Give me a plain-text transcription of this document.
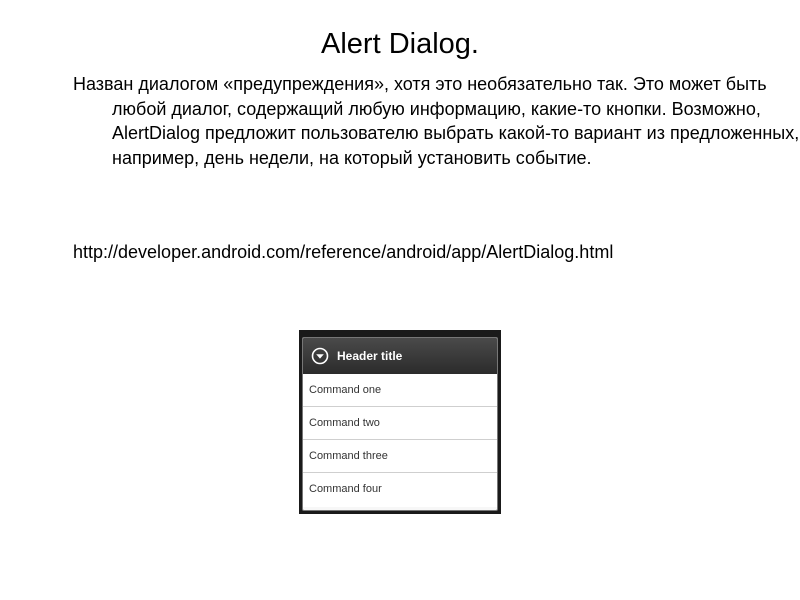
Alert Dialog.

Назван диалогом «предупреждения», хотя это необязательно так. Это может быть любой диалог, содержащий любую информацию, какие-то кнопки. Возможно, AlertDialog предложит пользователю выбрать какой-то вариант из предложенных, например, день недели, на который установить событие.

http://developer.android.com/reference/android/app/AlertDialog.html
Header title
Command one
Command two
Command three
Command four
